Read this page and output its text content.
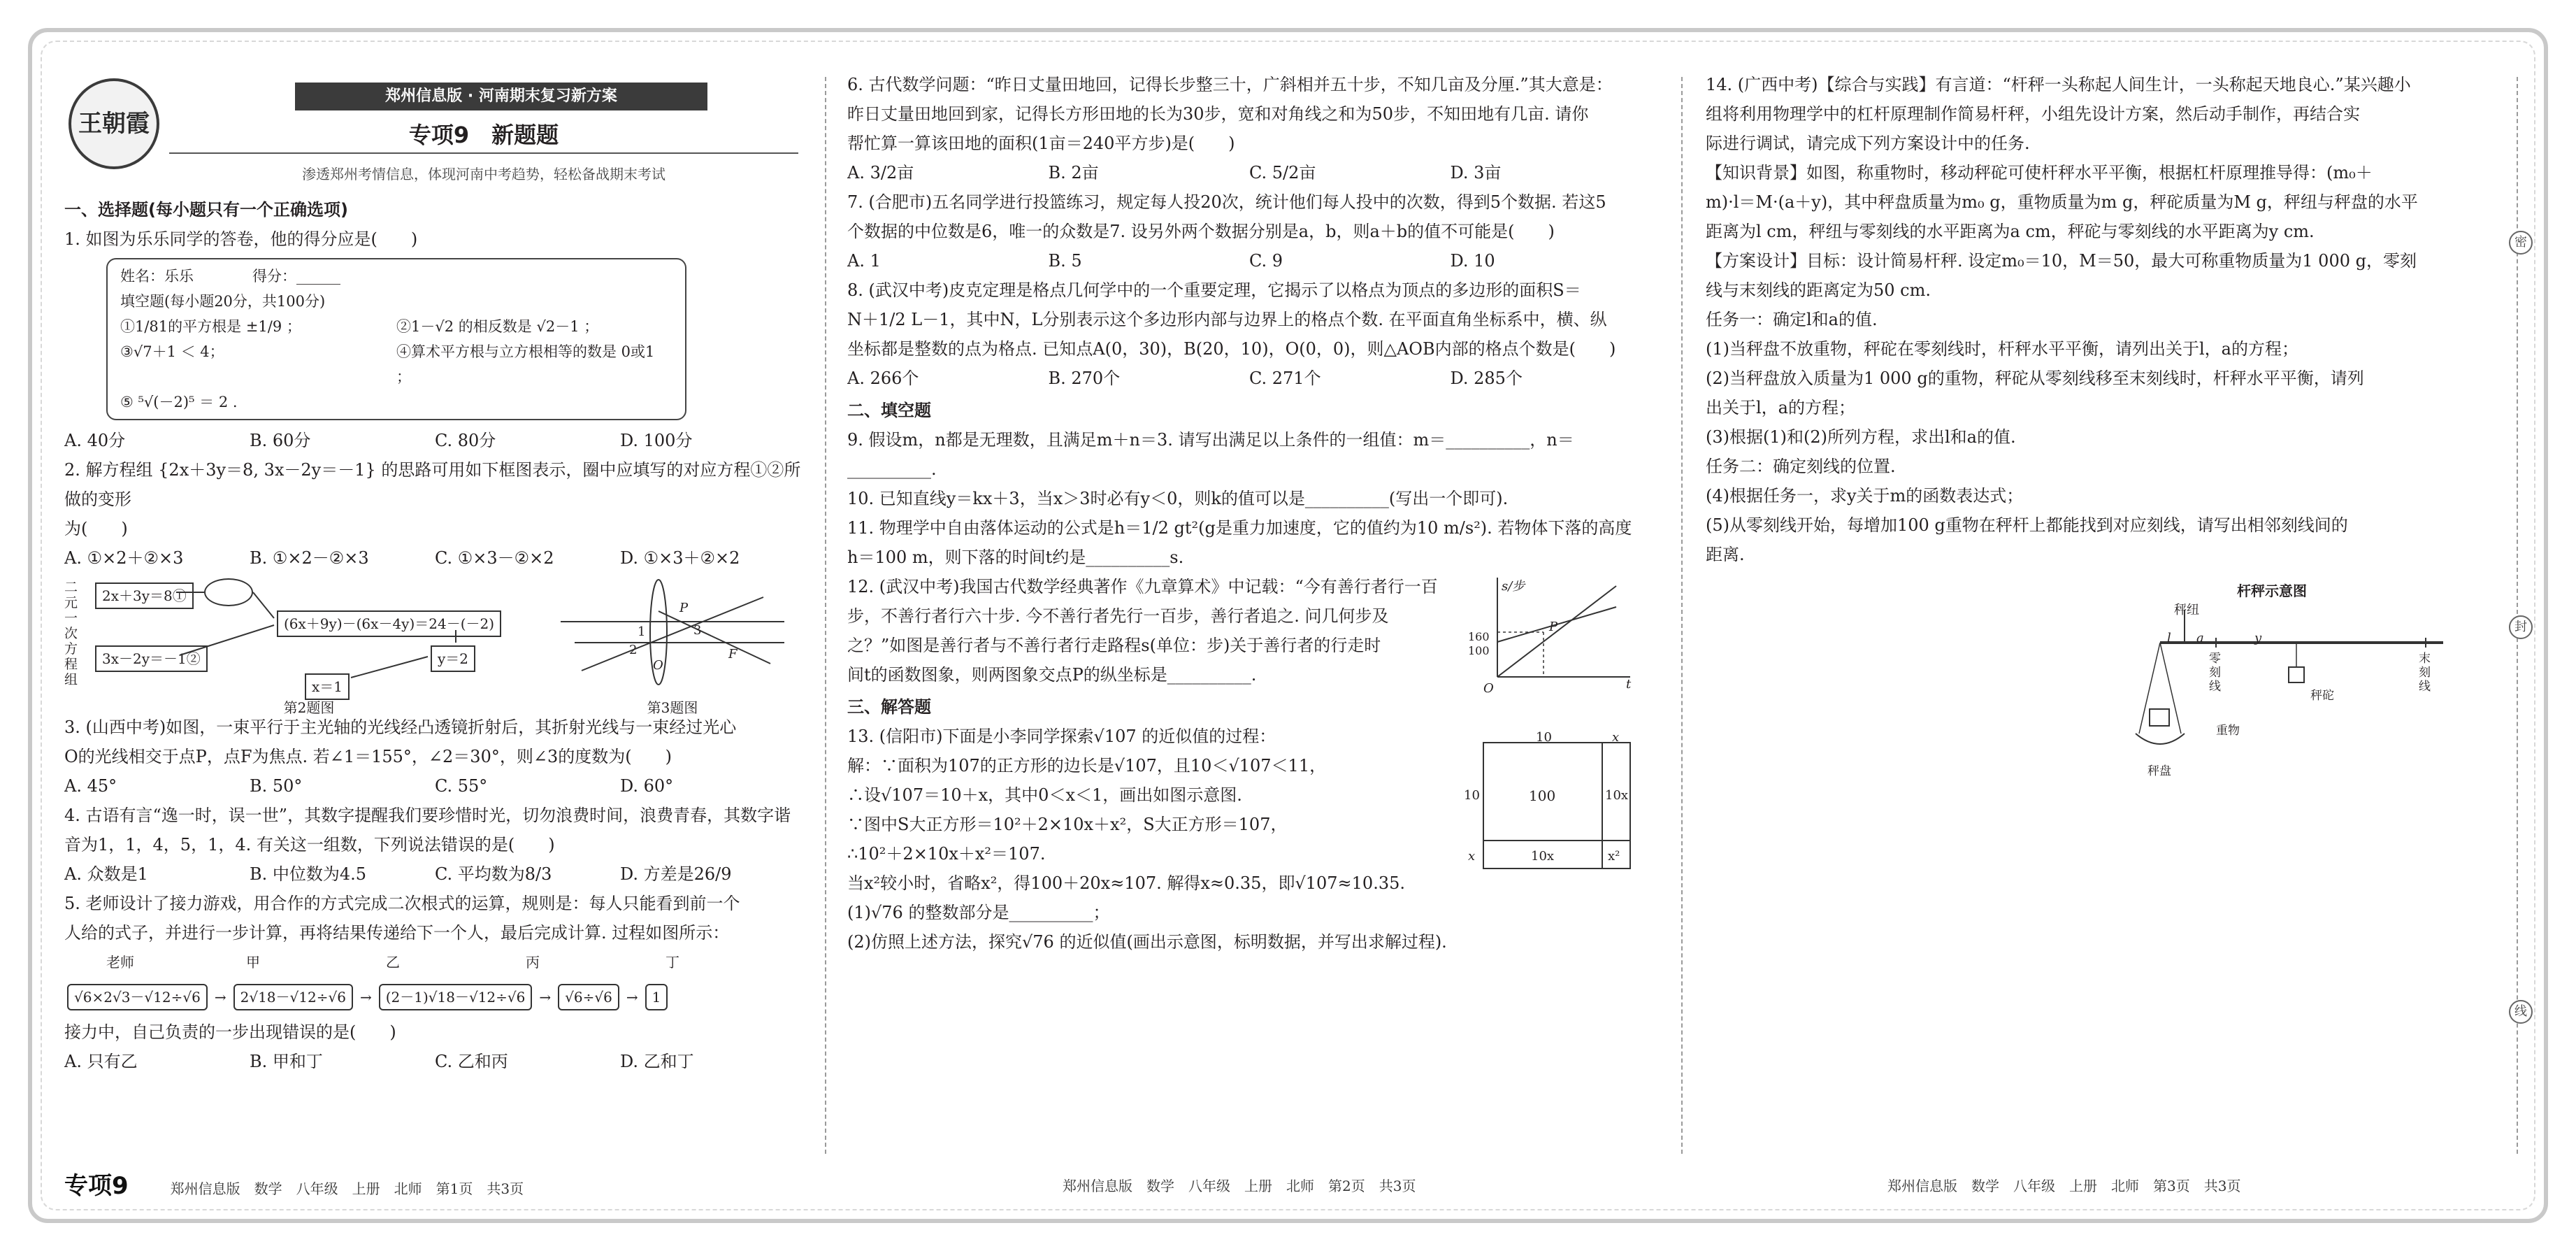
密
封
线
王朝霞
郑州信息版 · 河南期末复习新方案
专项9　新题题
渗透郑州考情信息，体现河南中考趋势，轻松备战期末考试
一、选择题(每小题只有一个正确选项)
1. 如图为乐乐同学的答卷，他的得分应是(　　)
姓名：乐乐　　　　得分：______
填空题(每小题20分，共100分)
①1/81的平方根是 ±1/9 ；	②1－√2 的相反数是 √2－1 ；
③√7＋1 ＜ 4；	④算术平方根与立方根相等的数是 0或1 ；
⑤ ⁵√(－2)⁵ ＝ 2 .
A. 40分	B. 60分	C. 80分	D. 100分
2. 解方程组 {2x＋3y＝8, 3x－2y＝－1} 的思路可用如下框图表示，圈中应填写的对应方程①②所做的变形
为(　　)
A. ①×2＋②×3	B. ①×2－②×3	C. ①×3－②×2	D. ①×3＋②×2
二元一次方程组
2x＋3y＝8①
3x－2y＝－1②
(6x＋9y)－(6x－4y)＝24－(－2)
y＝2
x＝1
第2题图
1
2
3
O
P
F
第3题图
3. (山西中考)如图，一束平行于主光轴的光线经凸透镜折射后，其折射光线与一束经过光心
O的光线相交于点P，点F为焦点. 若∠1＝155°，∠2＝30°，则∠3的度数为(　　)
A. 45°	B. 50°	C. 55°	D. 60°
4. 古语有言“逸一时，误一世”，其数字提醒我们要珍惜时光，切勿浪费时间，浪费青春，其数字谐
音为1，1，4，5，1，4. 有关这一组数，下列说法错误的是(　　)
A. 众数是1	B. 中位数为4.5	C. 平均数为8/3	D. 方差是26/9
5. 老师设计了接力游戏，用合作的方式完成二次根式的运算，规则是：每人只能看到前一个
人给的式子，并进行一步计算，再将结果传递给下一个人，最后完成计算. 过程如图所示：
老师	甲	乙	丙	丁
√6×2√3－√12÷√6	→	2√18－√12÷√6	→	(2－1)√18－√12÷√6	→	√6÷√6	→	1
接力中，自己负责的一步出现错误的是(　　)
A. 只有乙	B. 甲和丁	C. 乙和丙	D. 乙和丁
6. 古代数学问题：“昨日丈量田地回，记得长步整三十，广斜相并五十步，不知几亩及分厘.”其大意是：
昨日丈量田地回到家，记得长方形田地的长为30步，宽和对角线之和为50步，不知田地有几亩. 请你
帮忙算一算该田地的面积(1亩＝240平方步)是(　　)
A. 3/2亩	B. 2亩	C. 5/2亩	D. 3亩
7. (合肥市)五名同学进行投篮练习，规定每人投20次，统计他们每人投中的次数，得到5个数据. 若这5
个数据的中位数是6，唯一的众数是7. 设另外两个数据分别是a，b，则a＋b的值不可能是(　　)
A. 1	B. 5	C. 9	D. 10
8. (武汉中考)皮克定理是格点几何学中的一个重要定理，它揭示了以格点为顶点的多边形的面积S＝
N＋1/2 L－1，其中N，L分别表示这个多边形内部与边界上的格点个数. 在平面直角坐标系中，横、纵
坐标都是整数的点为格点. 已知点A(0，30)，B(20，10)，O(0，0)，则△AOB内部的格点个数是(　　)
A. 266个	B. 270个	C. 271个	D. 285个
二、填空题
9. 假设m，n都是无理数，且满足m＋n＝3. 请写出满足以上条件的一组值：m＝__________，n＝__________.
10. 已知直线y＝kx＋3，当x＞3时必有y＜0，则k的值可以是__________(写出一个即可).
11. 物理学中自由落体运动的公式是h＝1/2 gt²(g是重力加速度，它的值约为10 m/s²). 若物体下落的高度
h＝100 m，则下落的时间t约是__________s.
12. (武汉中考)我国古代数学经典著作《九章算术》中记载：“今有善行者行一百
步，不善行者行六十步. 今不善行者先行一百步，善行者追之. 问几何步及
之？”如图是善行者与不善行者行走路程s(单位：步)关于善行者的行走时
间t的函数图象，则两图象交点P的纵坐标是__________.
s/步
t
O
P
160
100
三、解答题
13. (信阳市)下面是小李同学探索√107 的近似值的过程：
解：∵面积为107的正方形的边长是√107，且10＜√107＜11，
∴设√107＝10＋x，其中0＜x＜1，画出如图示意图.
∵图中S大正方形＝10²＋2×10x＋x²，S大正方形＝107，
∴10²＋2×10x＋x²＝107.
当x²较小时，省略x²，得100＋20x≈107. 解得x≈0.35，即√107≈10.35.
10	x
10
x
100	10x
10x	x²
(1)√76 的整数部分是__________；
(2)仿照上述方法，探究√76 的近似值(画出示意图，标明数据，并写出求解过程).
14. (广西中考)【综合与实践】有言道：“杆秤一头称起人间生计，一头称起天地良心.”某兴趣小
组将利用物理学中的杠杆原理制作简易杆秤，小组先设计方案，然后动手制作，再结合实
际进行调试，请完成下列方案设计中的任务.
【知识背景】如图，称重物时，移动秤砣可使杆秤水平平衡，根据杠杆原理推导得：(m₀＋
m)·l＝M·(a＋y)，其中秤盘质量为m₀ g，重物质量为m g，秤砣质量为M g，秤纽与秤盘的水平
距离为l cm，秤纽与零刻线的水平距离为a cm，秤砣与零刻线的水平距离为y cm.
【方案设计】目标：设计简易杆秤. 设定m₀＝10，M＝50，最大可称重物质量为1 000 g，零刻
线与末刻线的距离定为50 cm.
任务一：确定l和a的值.
(1)当秤盘不放重物，秤砣在零刻线时，杆秤水平平衡，请列出关于l，a的方程；
(2)当秤盘放入质量为1 000 g的重物，秤砣从零刻线移至末刻线时，杆秤水平平衡，请列
出关于l，a的方程；
(3)根据(1)和(2)所列方程，求出l和a的值.
任务二：确定刻线的位置.
(4)根据任务一，求y关于m的函数表达式；
(5)从零刻线开始，每增加100 g重物在秤杆上都能找到对应刻线，请写出相邻刻线间的
距离.
杆秤示意图
秤纽
l a	y
零刻线
末刻线
重物
秤砣
秤盘
专项9　　　	郑州信息版　数学　八年级　上册　北师　第1页　共3页	郑州信息版　数学　八年级　上册　北师　第2页　共3页	郑州信息版　数学　八年级　上册　北师　第3页　共3页
